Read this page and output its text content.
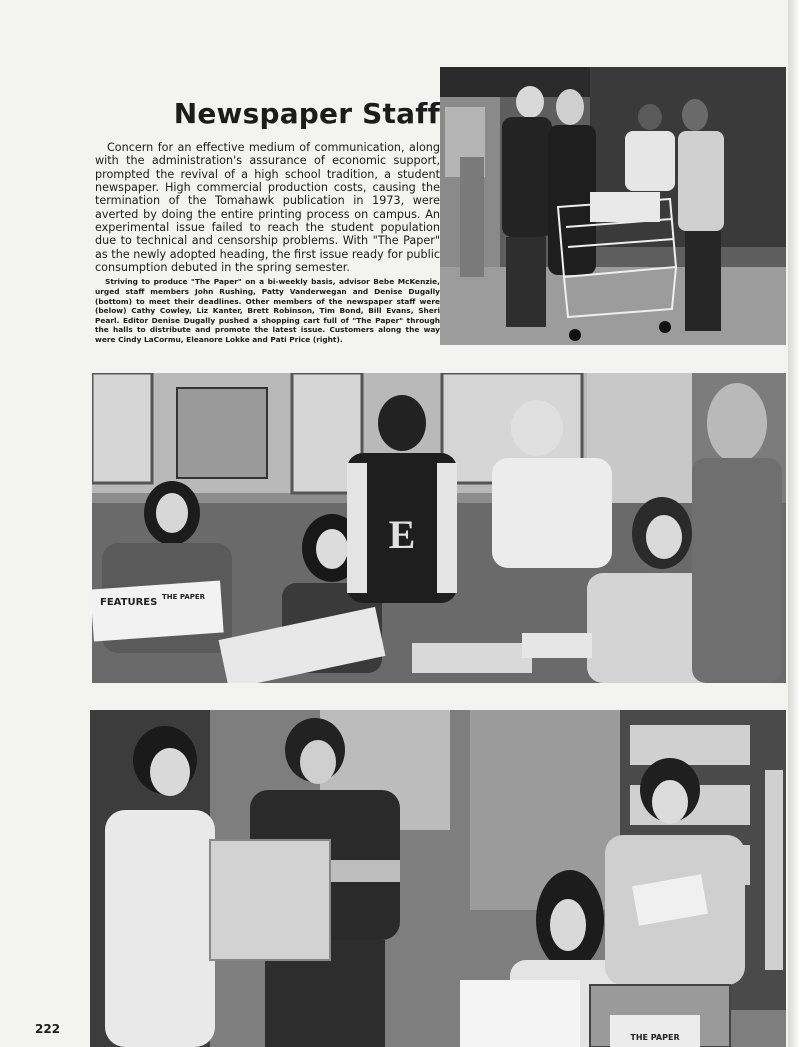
Newspaper Staff

Concern for an effective medium of communication, along with the administration's assurance of economic support, prompted the revival of a high school tradition, a student newspaper. High commercial production costs, causing the termination of the Tomahawk publication in 1973, were averted by doing the entire printing process on campus. An experimental issue failed to reach the student population due to technical and censorship problems. With "The Paper" as the newly adopted heading, the first issue ready for public consumption debuted in the spring semester.

Striving to produce "The Paper" on a bi-weekly basis, advisor Bebe McKenzie, urged staff members John Rushing, Patty Vanderwegan and Denise Dugally (bottom) to meet their deadlines. Other members of the newspaper staff were (below) Cathy Cowley, Liz Kanter, Brett Robinson, Tim Bond, Bill Evans, Sheri Pearl. Editor Denise Dugally pushed a shopping cart full of "The Paper" through the halls to distribute and promote the latest issue. Customers along the way were Cindy LaCormu, Eleanore Lokke and Pati Price (right).

E
FEATURES THE PAPER
THE PAPER
222
